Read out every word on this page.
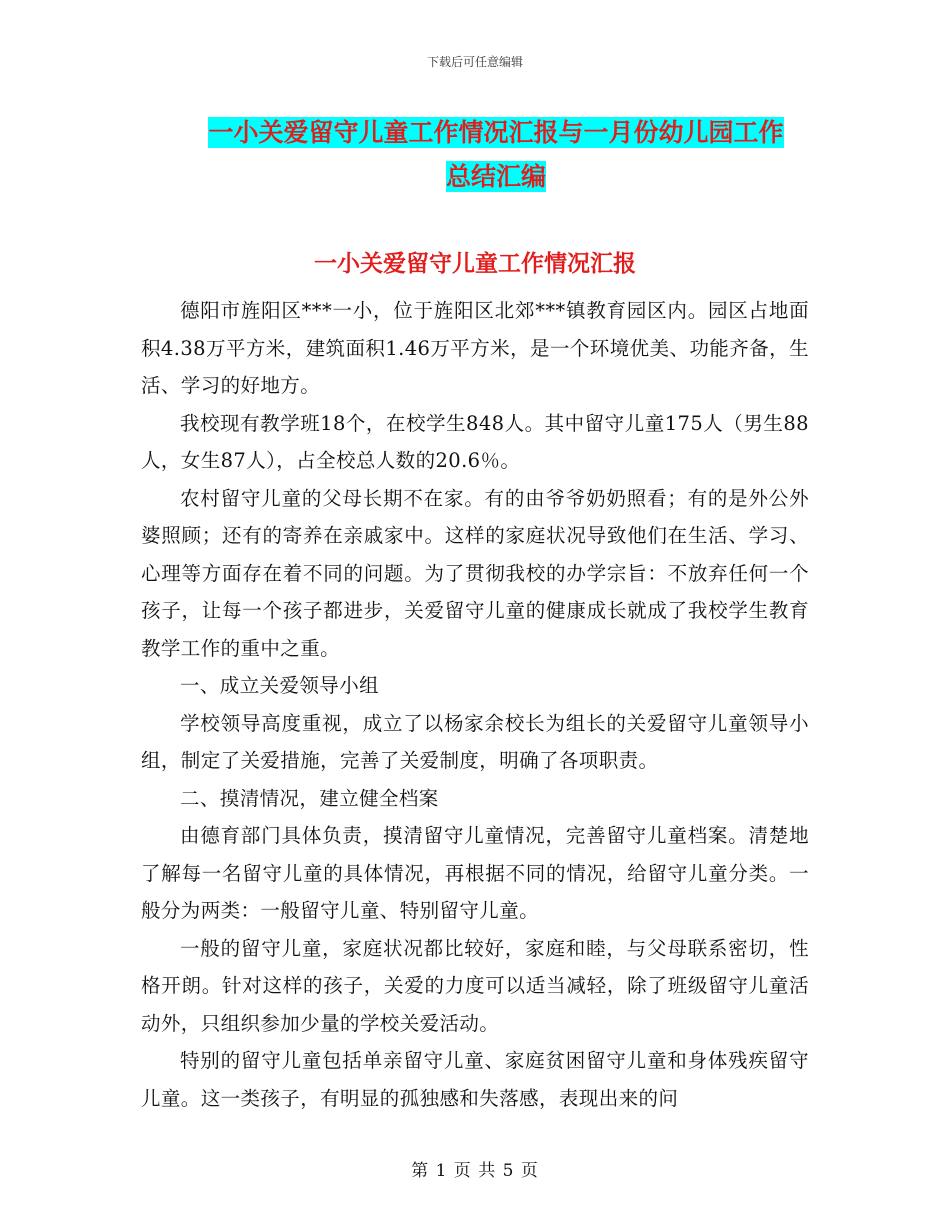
下载后可任意编辑
一小关爱留守儿童工作情况汇报与一月份幼儿园工作
总结汇编
一小关爱留守儿童工作情况汇报

德阳市旌阳区***一小，位于旌阳区北郊***镇教育园区内。园区占地面积4.38万平方米，建筑面积1.46万平方米，是一个环境优美、功能齐备，生活、学习的好地方。

我校现有教学班18个，在校学生848人。其中留守儿童175人（男生88人，女生87人），占全校总人数的20.6％。

农村留守儿童的父母长期不在家。有的由爷爷奶奶照看；有的是外公外婆照顾；还有的寄养在亲戚家中。这样的家庭状况导致他们在生活、学习、心理等方面存在着不同的问题。为了贯彻我校的办学宗旨：不放弃任何一个孩子，让每一个孩子都进步，关爱留守儿童的健康成长就成了我校学生教育教学工作的重中之重。

一、成立关爱领导小组

学校领导高度重视，成立了以杨家余校长为组长的关爱留守儿童领导小组，制定了关爱措施，完善了关爱制度，明确了各项职责。

二、摸清情况，建立健全档案

由德育部门具体负责，摸清留守儿童情况，完善留守儿童档案。清楚地了解每一名留守儿童的具体情况，再根据不同的情况，给留守儿童分类。一般分为两类：一般留守儿童、特别留守儿童。

一般的留守儿童，家庭状况都比较好，家庭和睦，与父母联系密切，性格开朗。针对这样的孩子，关爱的力度可以适当减轻，除了班级留守儿童活动外，只组织参加少量的学校关爱活动。

特别的留守儿童包括单亲留守儿童、家庭贫困留守儿童和身体残疾留守儿童。这一类孩子，有明显的孤独感和失落感，表现出来的问

第 1 页 共 5 页
